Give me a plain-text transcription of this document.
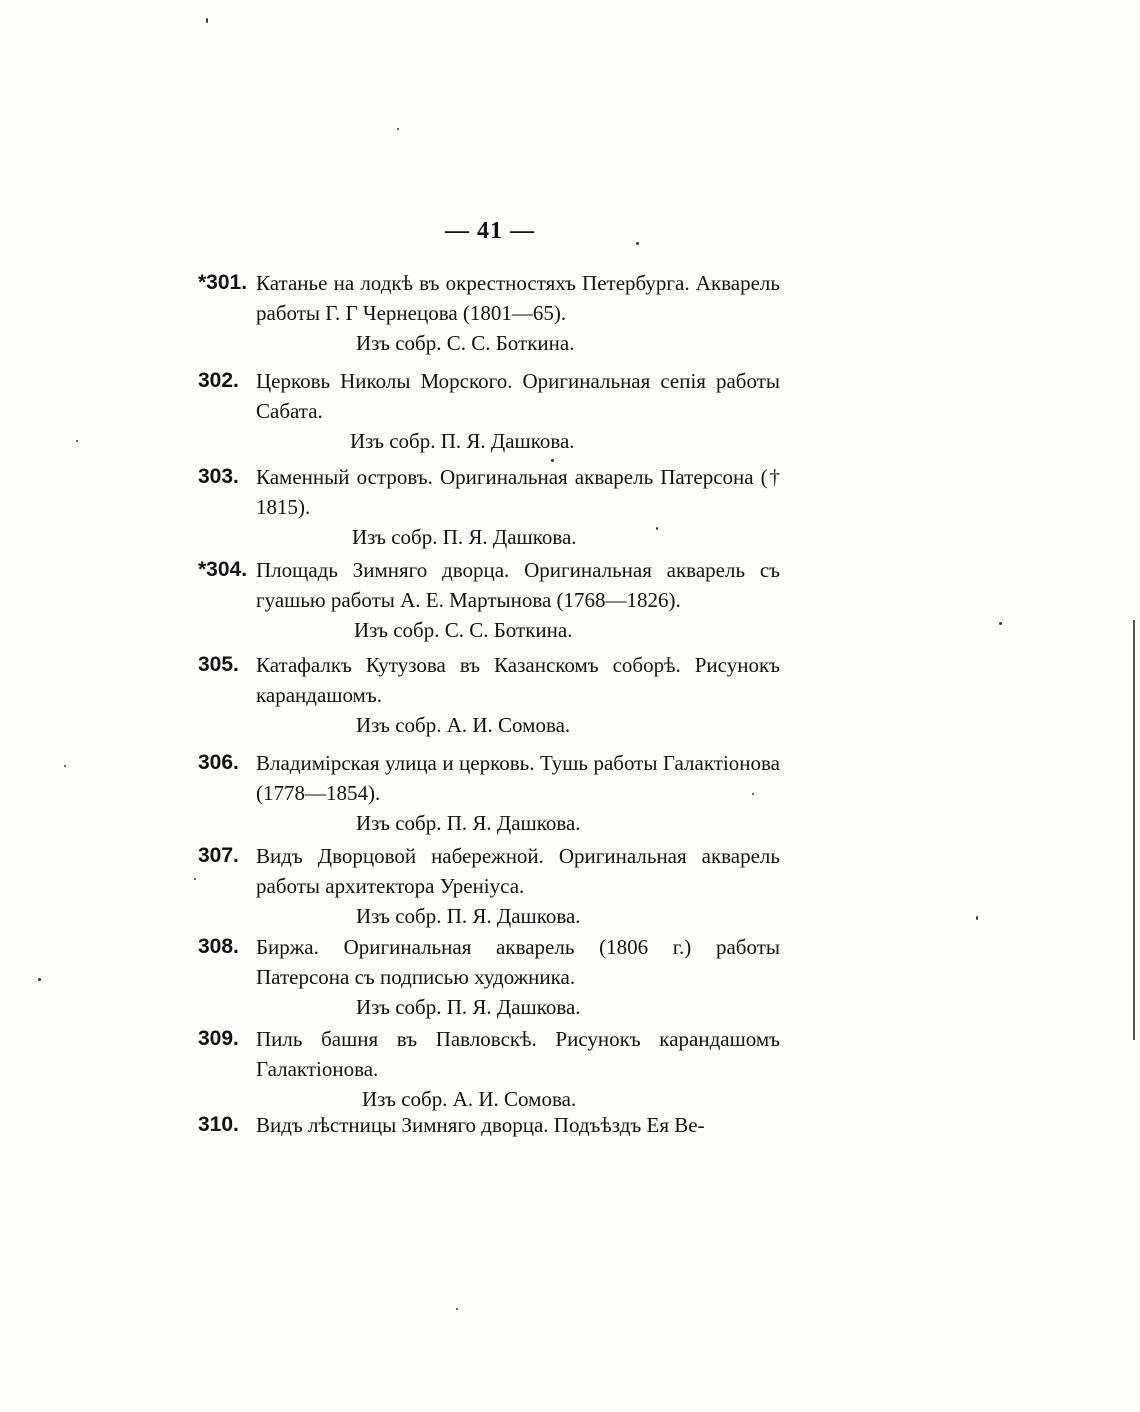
— 41 —
*301. Катанье на лодкѣ въ окрестностяхъ Петербурга. Акварель работы Г. Г Чернецова (1801—65).
Изъ собр. С. С. Боткина.
302. Церковь Николы Морского. Оригинальная сепія работы Сабата.
Изъ собр. П. Я. Дашкова.
303. Каменный островъ. Оригинальная акварель Патерсона († 1815).
Изъ собр. П. Я. Дашкова.
*304. Площадь Зимняго дворца. Оригинальная акварель съ гуашью работы А. Е. Мартынова (1768—1826).
Изъ собр. С. С. Боткина.
305. Катафалкъ Кутузова въ Казанскомъ соборѣ. Рисунокъ карандашомъ.
Изъ собр. А. И. Сомова.
306. Владимірская улица и церковь. Тушь работы Галактіонова (1778—1854).
Изъ собр. П. Я. Дашкова.
307. Видъ Дворцовой набережной. Оригинальная акварель работы архитектора Уреніуса.
Изъ собр. П. Я. Дашкова.
308. Биржа. Оригинальная акварель (1806 г.) работы Патерсона съ подписью художника.
Изъ собр. П. Я. Дашкова.
309. Пиль башня въ Павловскѣ. Рисунокъ карандашомъ Галактіонова.
Изъ собр. А. И. Сомова.
310. Видъ лѣстницы Зимняго дворца. Подъѣздъ Ея Ве-
